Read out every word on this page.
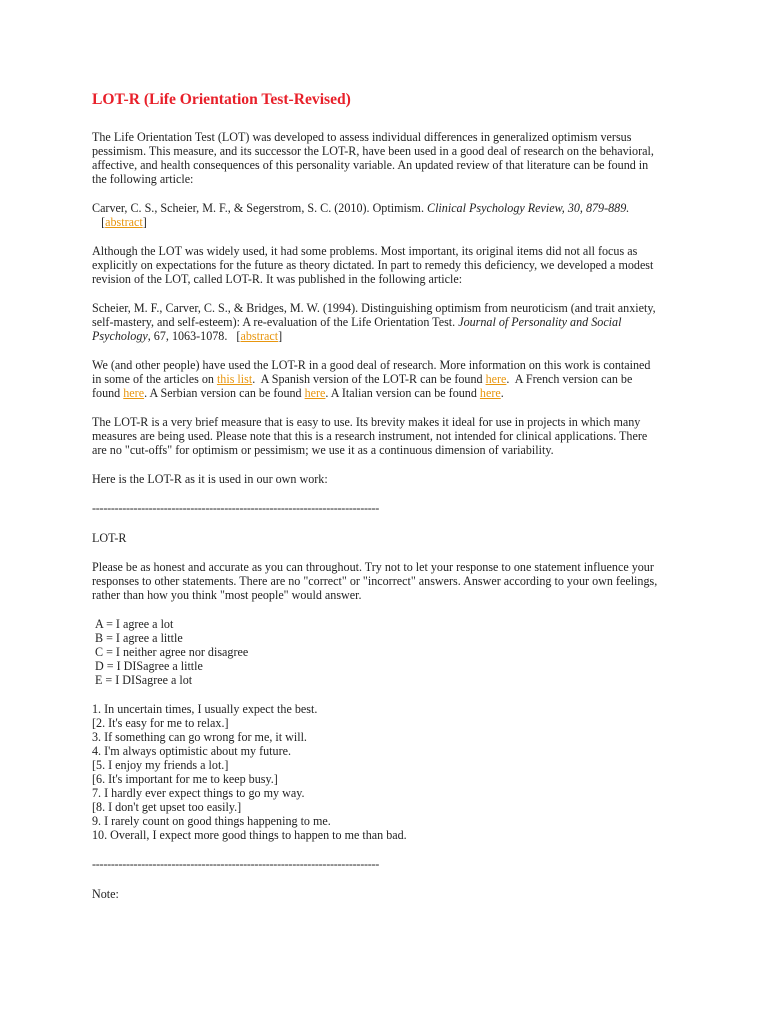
LOT-R (Life Orientation Test-Revised)

The Life Orientation Test (LOT) was developed to assess individual differences in generalized optimism versus pessimism. This measure, and its successor the LOT-R, have been used in a good deal of research on the behavioral, affective, and health consequences of this personality variable. An updated review of that literature can be found in the following article:

Carver, C. S., Scheier, M. F., & Segerstrom, S. C. (2010). Optimism. Clinical Psychology Review, 30, 879-889.   [abstract]

Although the LOT was widely used, it had some problems. Most important, its original items did not all focus as explicitly on expectations for the future as theory dictated. In part to remedy this deficiency, we developed a modest revision of the LOT, called LOT-R. It was published in the following article:

Scheier, M. F., Carver, C. S., & Bridges, M. W. (1994). Distinguishing optimism from neuroticism (and trait anxiety, self-mastery, and self-esteem): A re-evaluation of the Life Orientation Test. Journal of Personality and Social Psychology, 67, 1063-1078.   [abstract]

We (and other people) have used the LOT-R in a good deal of research. More information on this work is contained in some of the articles on this list.  A Spanish version of the LOT-R can be found here.  A French version can be found here. A Serbian version can be found here. A Italian version can be found here.

The LOT-R is a very brief measure that is easy to use. Its brevity makes it ideal for use in projects in which many measures are being used. Please note that this is a research instrument, not intended for clinical applications. There are no "cut-offs" for optimism or pessimism; we use it as a continuous dimension of variability.

Here is the LOT-R as it is used in our own work:

----------------------------------------------------------------------------

LOT-R

Please be as honest and accurate as you can throughout. Try not to let your response to one statement influence your responses to other statements. There are no "correct" or "incorrect" answers. Answer according to your own feelings, rather than how you think "most people" would answer.

A = I agree a lot
B = I agree a little
C = I neither agree nor disagree
D = I DISagree a little
E = I DISagree a lot
1. In uncertain times, I usually expect the best.
[2. It's easy for me to relax.]
3. If something can go wrong for me, it will.
4. I'm always optimistic about my future.
[5. I enjoy my friends a lot.]
[6. It's important for me to keep busy.]
7. I hardly ever expect things to go my way.
[8. I don't get upset too easily.]
9. I rarely count on good things happening to me.
10. Overall, I expect more good things to happen to me than bad.
----------------------------------------------------------------------------

Note:
